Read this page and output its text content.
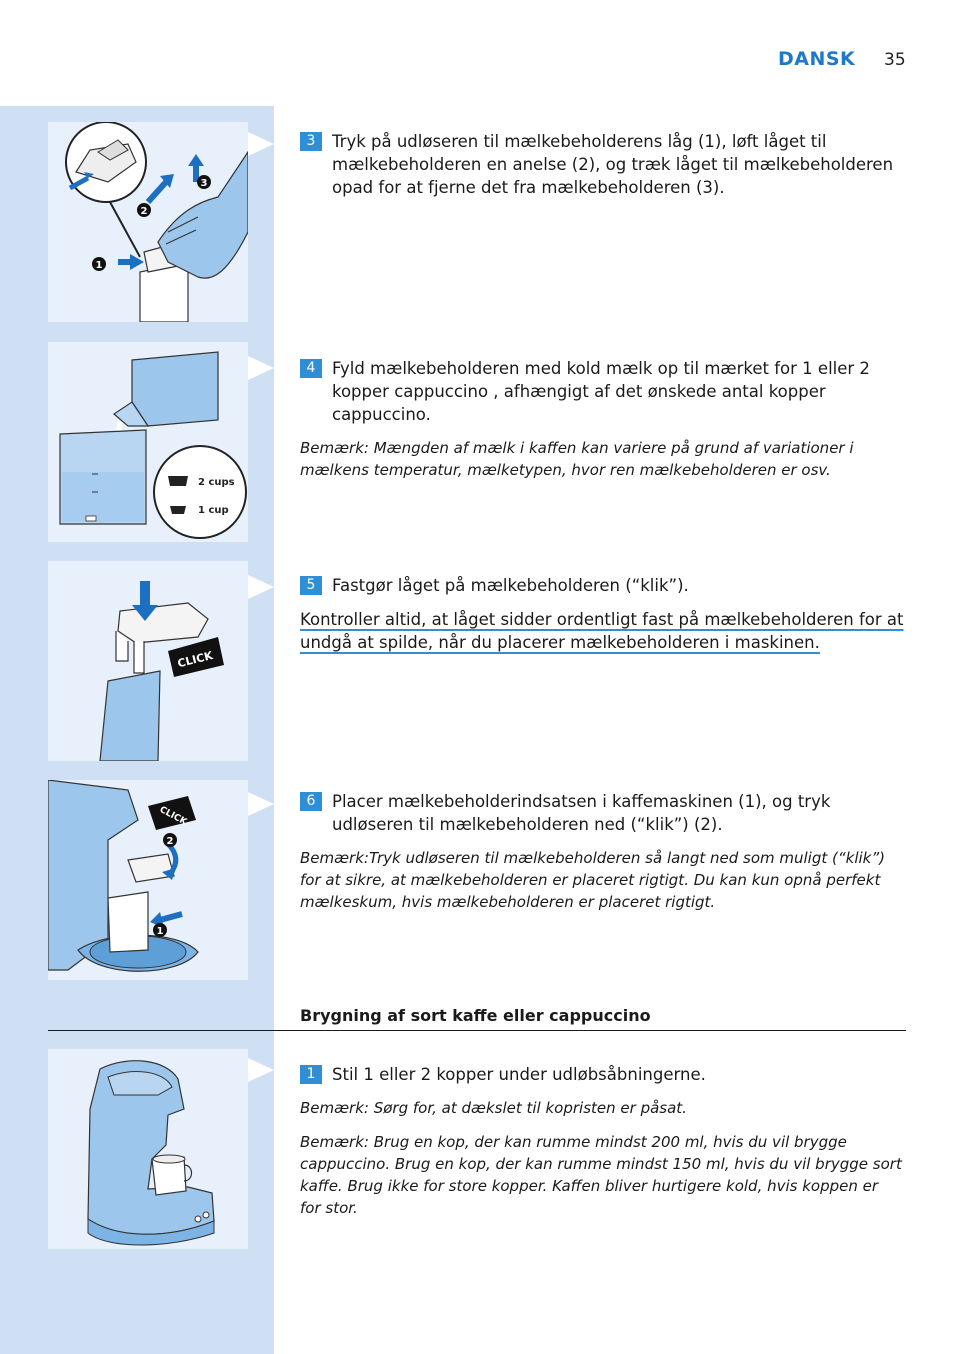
DANSK 35
1
2
3
2 cups
1 cup
CLICK
CLICK
2
1
3	Tryk på udløseren til mælkebeholderens låg (1), løft låget til mælkebeholderen en anelse (2), og træk låget til mælkebeholderen opad for at fjerne det fra mælkebeholderen (3).
4	Fyld mælkebeholderen med kold mælk op til mærket for 1 eller 2 kopper cappuccino , afhængigt af det ønskede antal kopper cappuccino.
Bemærk: Mængden af mælk i kaffen kan variere på grund af variationer i mælkens temperatur, mælketypen, hvor ren mælkebeholderen er osv.
5	Fastgør låget på mælkebeholderen (“klik”).
Kontroller altid, at låget sidder ordentligt fast på mælkebeholderen for at undgå at spilde, når du placerer mælkebeholderen i maskinen.
6	Placer mælkebeholderindsatsen i kaffemaskinen (1), og tryk udløseren til mælkebeholderen ned (“klik”) (2).
Bemærk:Tryk udløseren til mælkebeholderen så langt ned som muligt (“klik”) for at sikre, at mælkebeholderen er placeret rigtigt. Du kan kun opnå perfekt mælkeskum, hvis mælkebeholderen er placeret rigtigt.
Brygning af sort kaffe eller cappuccino
1	Stil 1 eller 2 kopper under udløbsåbningerne.
Bemærk: Sørg for, at dækslet til kopristen er påsat.
Bemærk: Brug en kop, der kan rumme mindst 200 ml, hvis du vil brygge cappuccino. Brug en kop, der kan rumme mindst 150 ml, hvis du vil brygge sort kaffe. Brug ikke for store kopper. Kaffen bliver hurtigere kold, hvis koppen er for stor.
